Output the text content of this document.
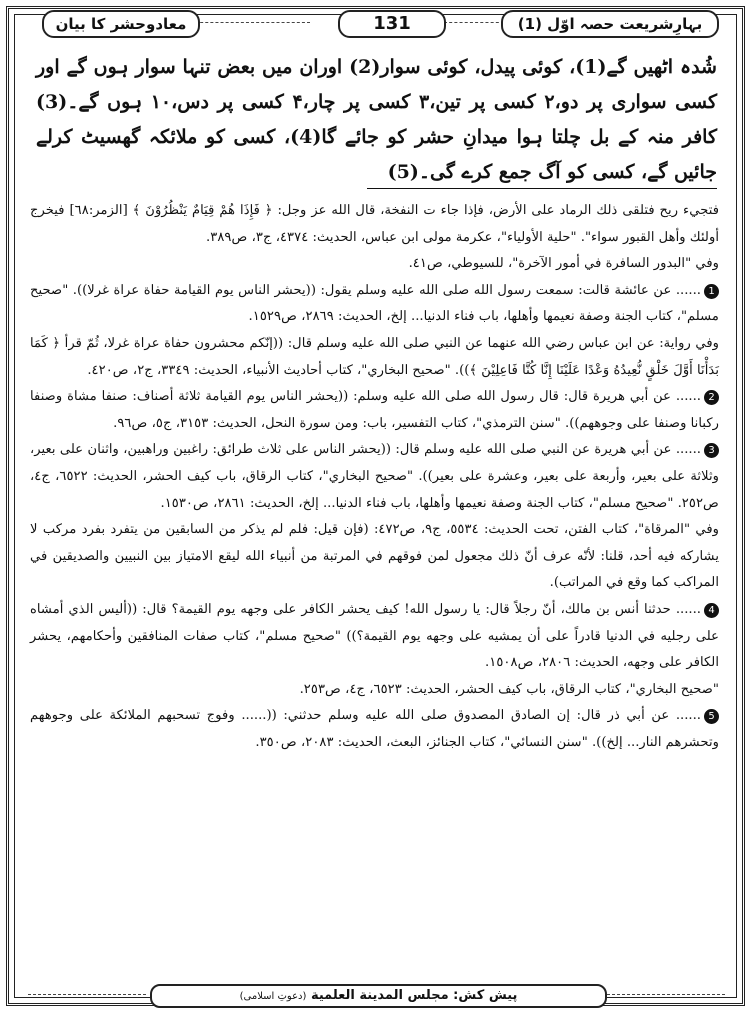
بہارِشریعت حصہ اوّل (1)
131
معادوحشر کا بیان
شُدہ اٹھیں گے(1)، کوئی پیدل، کوئی سوار(2) اوران میں بعض تنہا سوار ہوں گے اور کسی سواری پر دو،۲ کسی پر تین،۳ کسی پر چار،۴ کسی پر دس،۱۰ ہوں گے۔(3) کافر منہ کے بل چلتا ہوا میدانِ حشر کو جائے گا(4)، کسی کو ملائکہ گھسیٹ کرلے جائیں گے، کسی کو آگ جمع کرے گی۔(5)

فتجيء ريح فتلقى ذلك الرماد على الأرض، فإذا جاء ت النفخة، قال الله عز وجل: ﴿ فَإِذَا هُمْ قِيَامٌ يَنْظُرُوْنَ ﴾ [الزمر:٦٨] فيخرج أولئك وأهل القبور سواء". "حلية الأولياء"، عكرمة مولى ابن عباس، الحديث: ٤٣٧٤، ج٣، ص٣٨٩.

وفي "البدور السافرة في أمور الآخرة"، للسيوطي، ص٤١.

1...... عن عائشة قالت: سمعت رسول الله صلى الله عليه وسلم يقول: ((يحشر الناس يوم القيامة حفاة عراة غرلا)). "صحيح مسلم"، كتاب الجنة وصفة نعيمها وأهلها، باب فناء الدنيا... إلخ، الحديث: ٢٨٦٩، ص١٥٢٩.

وفي رواية: عن ابن عباس رضي الله عنهما عن النبي صلى الله عليه وسلم قال: ((إنّكم محشرون حفاة عراة غرلا، ثُمّ قرأ ﴿ كَمَا بَدَأْنَا أَوَّلَ خَلْقٍ نُّعِيدُهُ وَعْدًا عَلَيْنَا إِنَّا كُنَّا فَاعِلِيْنَ ﴾)). "صحيح البخاري"، كتاب أحاديث الأنبياء، الحديث: ٣٣٤٩، ج٢، ص٤٢٠.

2...... عن أبي هريرة قال: قال رسول الله صلى الله عليه وسلم: ((يحشر الناس يوم القيامة ثلاثة أصناف: صنفا مشاة وصنفا ركبانا وصنفا على وجوههم)). "سنن الترمذي"، كتاب التفسير، باب: ومن سورة النحل، الحديث: ٣١٥٣، ج٥، ص٩٦.

3...... عن أبي هريرة عن النبي صلى الله عليه وسلم قال: ((يحشر الناس على ثلاث طرائق: راغبين وراهبين، واثنان على بعير، وثلاثة على بعير، وأربعة على بعير، وعشرة على بعير)). "صحيح البخاري"، كتاب الرقاق، باب كيف الحشر، الحديث: ٦٥٢٢، ج٤، ص٢٥٢. "صحيح مسلم"، كتاب الجنة وصفة نعيمها وأهلها، باب فناء الدنيا... إلخ، الحديث: ٢٨٦١، ص١٥٣٠.

وفي "المرقاة"، كتاب الفتن، تحت الحديث: ٥٥٣٤، ج٩، ص٤٧٢: (فإن قيل: فلم لم يذكر من السابقين من يتفرد بفرد مركب لا يشاركه فيه أحد، قلنا: لأنّه عرف أنّ ذلك مجعول لمن فوقهم في المرتبة من أنبياء الله ليقع الامتياز بين النبيين والصديقين في المراكب كما وقع في المراتب).

4...... حدثنا أنس بن مالك، أنّ رجلاً قال: يا رسول الله! كيف يحشر الكافر على وجهه يوم القيمة؟ قال: ((أليس الذي أمشاه على رجليه في الدنيا قادراً على أن يمشيه على وجهه يوم القيمة؟)) "صحيح مسلم"، كتاب صفات المنافقين وأحكامهم، يحشر الكافر على وجهه، الحديث: ٢٨٠٦، ص١٥٠٨.

"صحيح البخاري"، كتاب الرقاق، باب كيف الحشر، الحديث: ٦٥٢٣، ج٤، ص٢٥٣.

5...... عن أبي ذر قال: إن الصادق المصدوق صلى الله عليه وسلم حدثني: ((...... وفوج تسحبهم الملائكة على وجوههم وتحشرهم النار... إلخ)). "سنن النسائي"، كتاب الجنائز، البعث، الحديث: ٢٠٨٣، ص٣٥٠.

پیش کش: مجلس المدينة العلمية (دعوتِ اسلامی)
